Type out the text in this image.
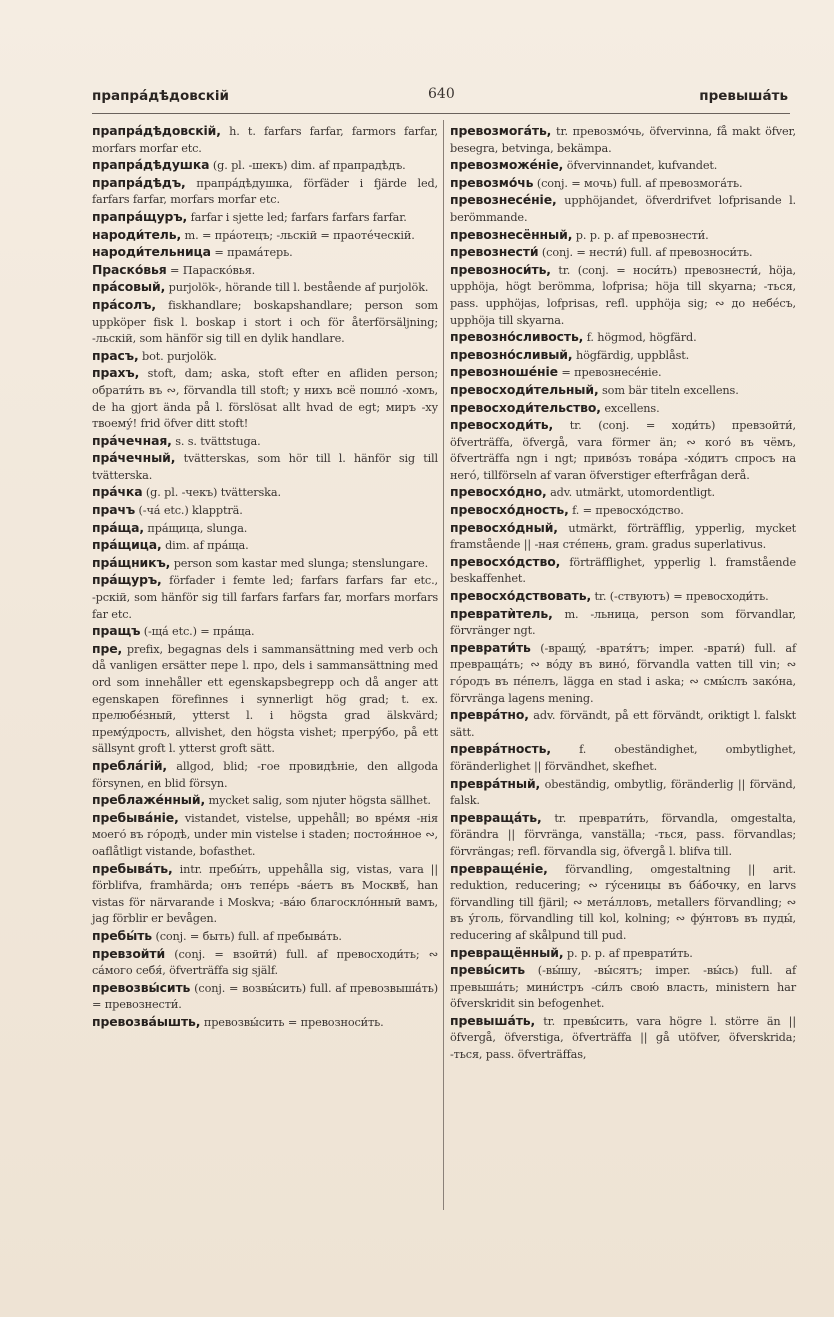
прапрáдѣдовскiй	640	превышáть

прапрáдѣдовскiй, h. t. farfars farfar, farmors farfar, morfars morfar etc.

прапрáдѣдушка (g. pl. -шекъ) dim. af прапрадѣдъ.

прапрáдѣдъ, прапрáдѣдушка, förfäder i fjärde led, farfars farfar, morfars morfar etc.

прапрáщуръ, farfar i sjette led; farfars farfars farfar.

народи́тель, m. = прáотецъ; -льскiй = праотéческiй.

народи́тельница = прамáтерь.

Праско́вья = Параско́вья.

прáсовый, purjolök-, hörande till l. bestående af purjolök.

прáсолъ, fiskhandlare; boskapshandlare; person som uppköper fisk l. boskap i stort i och för återförsäljning; -льскiй, som hänför sig till en dylik handlare.

прасъ, bot. purjolök.

прахъ, stoft, dam; aska, stoft efter en afliden person; обрати́ть въ ∾, förvandla till stoft; у нихъ всё пошло́ -хомъ, de ha gjort ända på l. förslösat allt hvad de egt; миръ -ху твоему́! frid öfver ditt stoft!

прáчечная, s. s. tvättstuga.

прáчечный, tvätterskas, som hör till l. hänför sig till tvätterska.

прáчка (g. pl. -чекъ) tvätterska.

прачъ (-чá etc.) klappträ.

прáща, прáщица, slunga.

прáщица, dim. af прáща.

прáщникъ, person som kastar med slunga; stenslungare.

прáщуръ, förfader i femte led; farfars farfars far etc., -рскiй, som hänför sig till farfars farfars far, morfars morfars far etc.

пращъ (-щá etc.) = прáща.

пре, prefix, begagnas dels i sammansättning med verb och då vanligen ersätter пере l. про, dels i sammansättning med ord som innehåller ett egenskapsbegrepp och då anger att egenskapen förefinnes i synnerligt hög grad; t. ex. прелюбéзный, ytterst l. i högsta grad älskvärd; премýдрость, allvishet, den högsta vishet; прегрýбо, på ett sällsynt groft l. ytterst groft sätt.

преблáгiй, allgod, blid; -гое провидѣнiе, den allgoda försynen, en blid försyn.

преблажéнный, mycket salig, som njuter högsta sällhet.

пребывáнiе, vistandet, vistelse, uppehåll; во врéмя -нiя моего́ въ го́родѣ, under min vistelse i staden; постоя́нное ∾, oaflåtligt vistande, bofasthet.

пребывáть, intr. пребы́ть, uppehålla sig, vistas, vara || förblifva, framhärda; онъ тепéрь -вáетъ въ Москвѣ́, han vistas för närvarande i Moskva; -вáю благосклóнный вамъ, jag förblir er bevågen.

пребы́ть (conj. = быть) full. af пребывáть.

превзойти́ (conj. = взойти́) full. af превосходи́ть; ∾ сáмого себя́, öfverträffa sig själf.

превозвы́сить (conj. = возвы́сить) full. af превозвышáть) = превознести́.

превозвáышть, превозвы́сить = превозноси́ть.

превозмогáть, tr. превозмо́чь, öfvervinna, få makt öfver, besegra, betvinga, bekämpa.

превозможéнiе, öfvervinnandet, kufvandet.

превозмо́чь (conj. = мочь) full. af превозмогáть.

превознесéнiе, upphöjandet, öfverdrifvet lofprisande l. berömmande.

превознесённый, p. p. p. af превознести́.

превознести́ (conj. = нести́) full. af превозноси́ть.

превозноси́ть, tr. (conj. = носи́ть) превознести́, höja, upphöja, högt berömma, lofprisa; höja till skyarna; -ться, pass. upphöjas, lofprisas, refl. upphöja sig; ∾ до небéсъ, upphöja till skyarna.

превозно́сливость, f. högmod, högfärd.

превозно́сливый, högfärdig, uppblåst.

превозношéнiе = превознесéнiе.

превосходи́тельный, som bär titeln excellens.

превосходи́тельство, excellens.

превосходи́ть, tr. (conj. = ходи́ть) превзойти́, öfverträffa, öfvergå, vara förmer än; ∾ когó въ чёмъ, öfverträffa ngn i ngt; привóзъ товáра -хóдитъ спросъ на негó, tillförseln af varan öfverstiger efterfrågan derå.

превосхо́дно, adv. utmärkt, utomordentligt.

превосхо́дность, f. = превосхо́дство.

превосхо́дный, utmärkt, förträfflig, ypperlig, mycket framstående || -ная стéпень, gram. gradus superlativus.

превосхо́дство, förträfflighet, ypperlig l. framstående beskaffenhet.

превосхо́дствовать, tr. (-ствуютъ) = превосходи́ть.

превратѝтель, m. -льница, person som förvandlar, förvränger ngt.

преврати́ть (-вращý, -вратя́тъ; imper. -врати́) full. af превращáть; ∾ во́ду въ винó, förvandla vatten till vin; ∾ го́родъ въ пéпелъ, lägga en stad i aska; ∾ смы́слъ закóна, förvränga lagens mening.

преврáтно, adv. förvändt, på ett förvändt, oriktigt l. falskt sätt.

преврáтность, f. obeständighet, ombytlighet, föränderlighet || förvändhet, skefhet.

преврáтный, obeständig, ombytlig, föränderlig || förvänd, falsk.

превращáть, tr. преврати́ть, förvandla, omgestalta, förändra || förvränga, vanställa; -ться, pass. förvandlas; förvrängas; refl. förvandla sig, öfvergå l. blifva till.

превращéнiе, förvandling, omgestaltning || arit. reduktion, reducering; ∾ гýсеницы въ бáбочку, en larvs förvandling till fjäril; ∾ метáлловъ, metallers förvandling; ∾ въ ýголь, förvandling till kol, kolning; ∾ фýнтовъ въ пуды́, reducering af skålpund till pud.

превращённый, p. p. p. af преврати́ть.

превы́сить (-вы́шу, -вы́сятъ; imper. -вы́сь) full. af превышáть; мини́стръ -си́лъ свою́ власть, ministern har öfverskridit sin befogenhet.

превышáть, tr. превы́сить, vara högre l. större än || öfvergå, öfverstiga, öfverträffa || gå utöfver, öfverskrida; -ться, pass. öfverträffas,
